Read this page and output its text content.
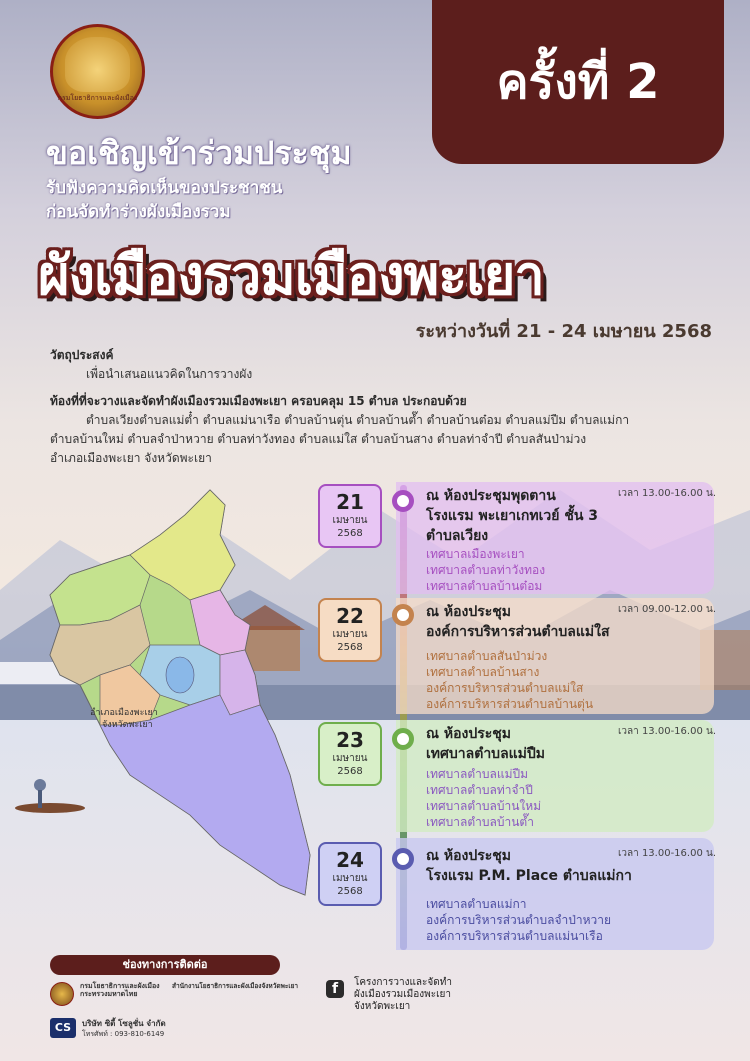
ครั้งที่ 2
กรมโยธาธิการและผังเมือง
ขอเชิญเข้าร่วมประชุม
รับฟังความคิดเห็นของประชาชน
ก่อนจัดทำร่างผังเมืองรวม
ผังเมืองรวมเมืองพะเยา
ระหว่างวันที่ 21 - 24 เมษายน 2568
วัตถุประสงค์
เพื่อนำเสนอแนวคิดในการวางผัง
ท้องที่ที่จะวางและจัดทำผังเมืองรวมเมืองพะเยา ครอบคลุม 15 ตำบล ประกอบด้วย
ตำบลเวียงตำบลแม่ต๋ำ ตำบลแม่นาเรือ ตำบลบ้านตุ่น ตำบลบ้านต๊ำ ตำบลบ้านต๋อม ตำบลแม่ปืม ตำบลแม่กา
ตำบลบ้านใหม่ ตำบลจำป่าหวาย ตำบลท่าวังทอง ตำบลแม่ใส ตำบลบ้านสาง ตำบลท่าจำปี ตำบลสันป่าม่วง
อำเภอเมืองพะเยา จังหวัดพะเยา
อำเภอเมืองพะเยา
จังหวัดพะเยา
21
เมษายน
2568
ณ ห้องประชุมพุดตาน
โรงแรม พะเยาเกทเวย์ ชั้น 3
ตำบลเวียง
เวลา 13.00-16.00 น.
เทศบาลเมืองพะเยา
เทศบาลตำบลท่าวังทอง
เทศบาลตำบลบ้านต๋อม
22
เมษายน
2568
ณ ห้องประชุม
องค์การบริหารส่วนตำบลแม่ใส
เวลา 09.00-12.00 น.
เทศบาลตำบลสันป่าม่วง
เทศบาลตำบลบ้านสาง
องค์การบริหารส่วนตำบลแม่ใส
องค์การบริหารส่วนตำบลบ้านตุ่น
23
เมษายน
2568
ณ ห้องประชุม
เทศบาลตำบลแม่ปืม
เวลา 13.00-16.00 น.
เทศบาลตำบลแม่ปืม
เทศบาลตำบลท่าจำปี
เทศบาลตำบลบ้านใหม่
เทศบาลตำบลบ้านต๊ำ
24
เมษายน
2568
ณ ห้องประชุม
โรงแรม P.M. Place ตำบลแม่กา
เวลา 13.00-16.00 น.
เทศบาลตำบลแม่กา
องค์การบริหารส่วนตำบลจำป่าหวาย
องค์การบริหารส่วนตำบลแม่นาเรือ
ช่องทางการติดต่อ
กรมโยธาธิการและผังเมือง
กระทรวงมหาดไทย
สำนักงานโยธาธิการและผังเมืองจังหวัดพะเยา
CS	บริษัท ซิตี้ โซลูชั่น จำกัด
โทรศัพท์ : 093-810-6149
f	โครงการวางและจัดทำ
ผังเมืองรวมเมืองพะเยา
จังหวัดพะเยา
